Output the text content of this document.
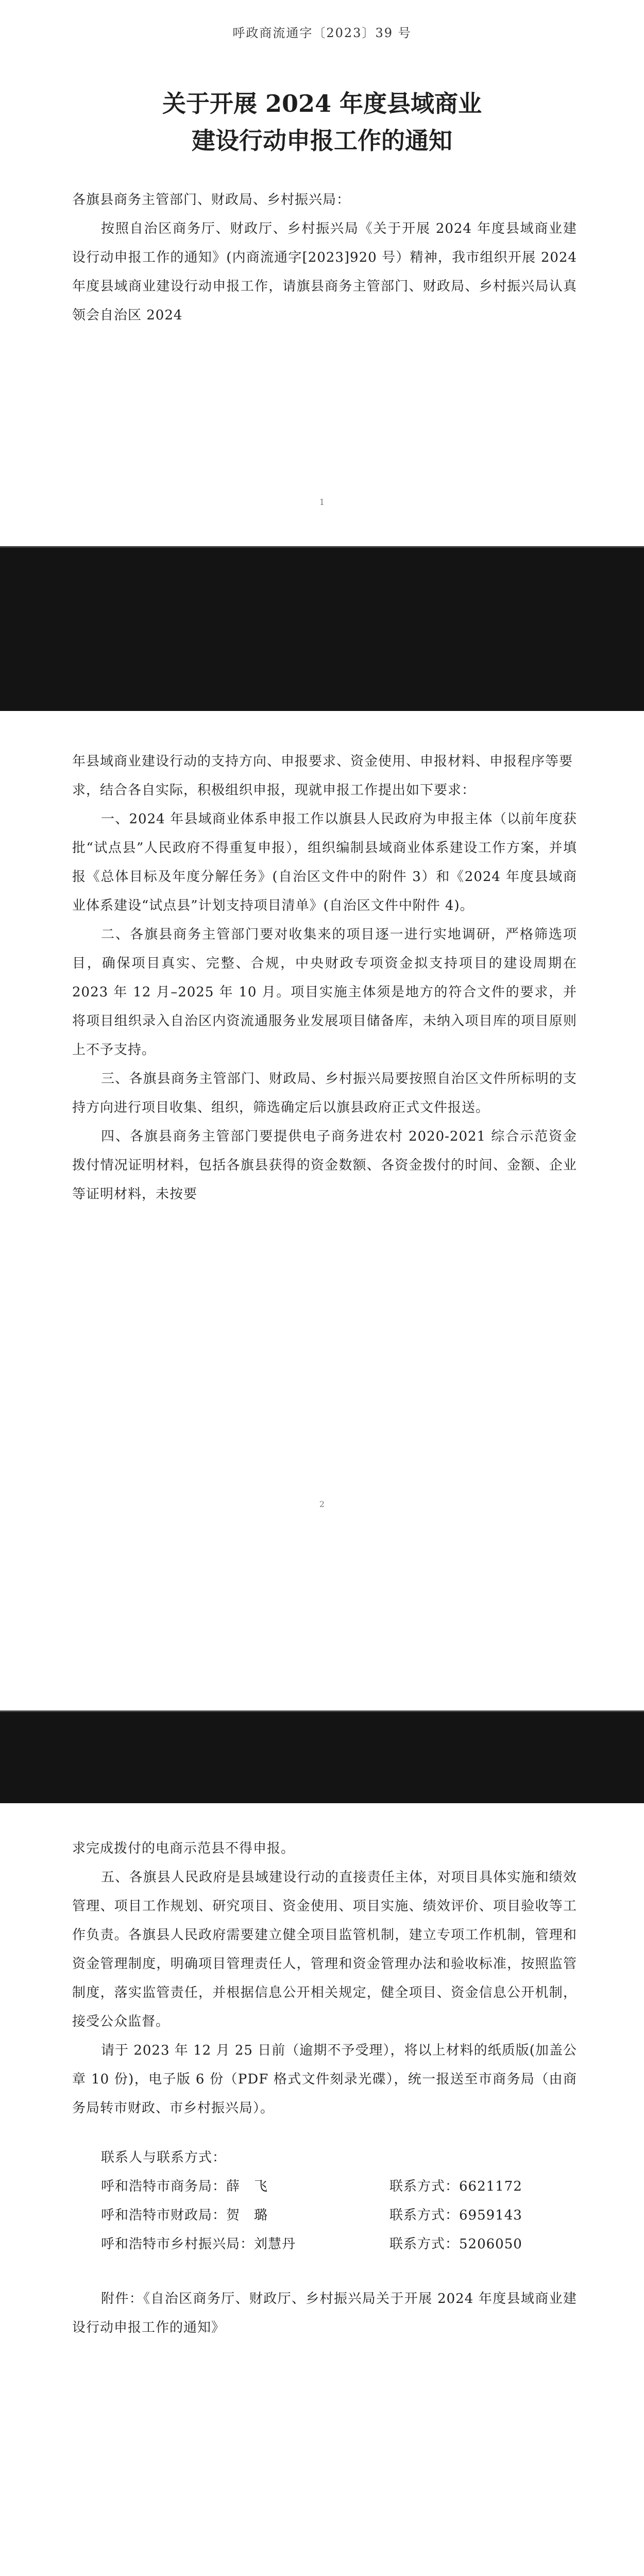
呼政商流通字〔2023〕39 号
关于开展 2024 年度县域商业
建设行动申报工作的通知

各旗县商务主管部门、财政局、乡村振兴局：

按照自治区商务厅、财政厅、乡村振兴局《关于开展 2024 年度县域商业建设行动申报工作的通知》(内商流通字[2023]920 号）精神，我市组织开展 2024 年度县域商业建设行动申报工作，请旗县商务主管部门、财政局、乡村振兴局认真领会自治区 2024

1

年县域商业建设行动的支持方向、申报要求、资金使用、申报材料、申报程序等要求，结合各自实际，积极组织申报，现就申报工作提出如下要求：

一、2024 年县域商业体系申报工作以旗县人民政府为申报主体（以前年度获批“试点县”人民政府不得重复申报），组织编制县域商业体系建设工作方案，并填报《总体目标及年度分解任务》(自治区文件中的附件 3）和《2024 年度县域商业体系建设“试点县”计划支持项目清单》(自治区文件中附件 4)。

二、各旗县商务主管部门要对收集来的项目逐一进行实地调研，严格筛选项目，确保项目真实、完整、合规，中央财政专项资金拟支持项目的建设周期在 2023 年 12 月–2025 年 10 月。项目实施主体须是地方的符合文件的要求，并将项目组织录入自治区内资流通服务业发展项目储备库，未纳入项目库的项目原则上不予支持。

三、各旗县商务主管部门、财政局、乡村振兴局要按照自治区文件所标明的支持方向进行项目收集、组织，筛选确定后以旗县政府正式文件报送。

四、各旗县商务主管部门要提供电子商务进农村 2020-2021 综合示范资金拨付情况证明材料，包括各旗县获得的资金数额、各资金拨付的时间、金额、企业等证明材料，未按要

2

求完成拨付的电商示范县不得申报。

五、各旗县人民政府是县域建设行动的直接责任主体，对项目具体实施和绩效管理、项目工作规划、研究项目、资金使用、项目实施、绩效评价、项目验收等工作负责。各旗县人民政府需要建立健全项目监管机制，建立专项工作机制，管理和资金管理制度，明确项目管理责任人，管理和资金管理办法和验收标准，按照监管制度，落实监管责任，并根据信息公开相关规定，健全项目、资金信息公开机制，接受公众监督。

请于 2023 年 12 月 25 日前（逾期不予受理），将以上材料的纸质版(加盖公章 10 份)，电子版 6 份（PDF 格式文件刻录光碟），统一报送至市商务局（由商务局转市财政、市乡村振兴局）。

联系人与联系方式：

呼和浩特市商务局：薛　飞	联系方式：6621172
呼和浩特市财政局：贺　璐	联系方式：6959143
呼和浩特市乡村振兴局：刘慧丹	联系方式：5206050

附件：《自治区商务厅、财政厅、乡村振兴局关于开展 2024 年度县域商业建设行动申报工作的通知》
